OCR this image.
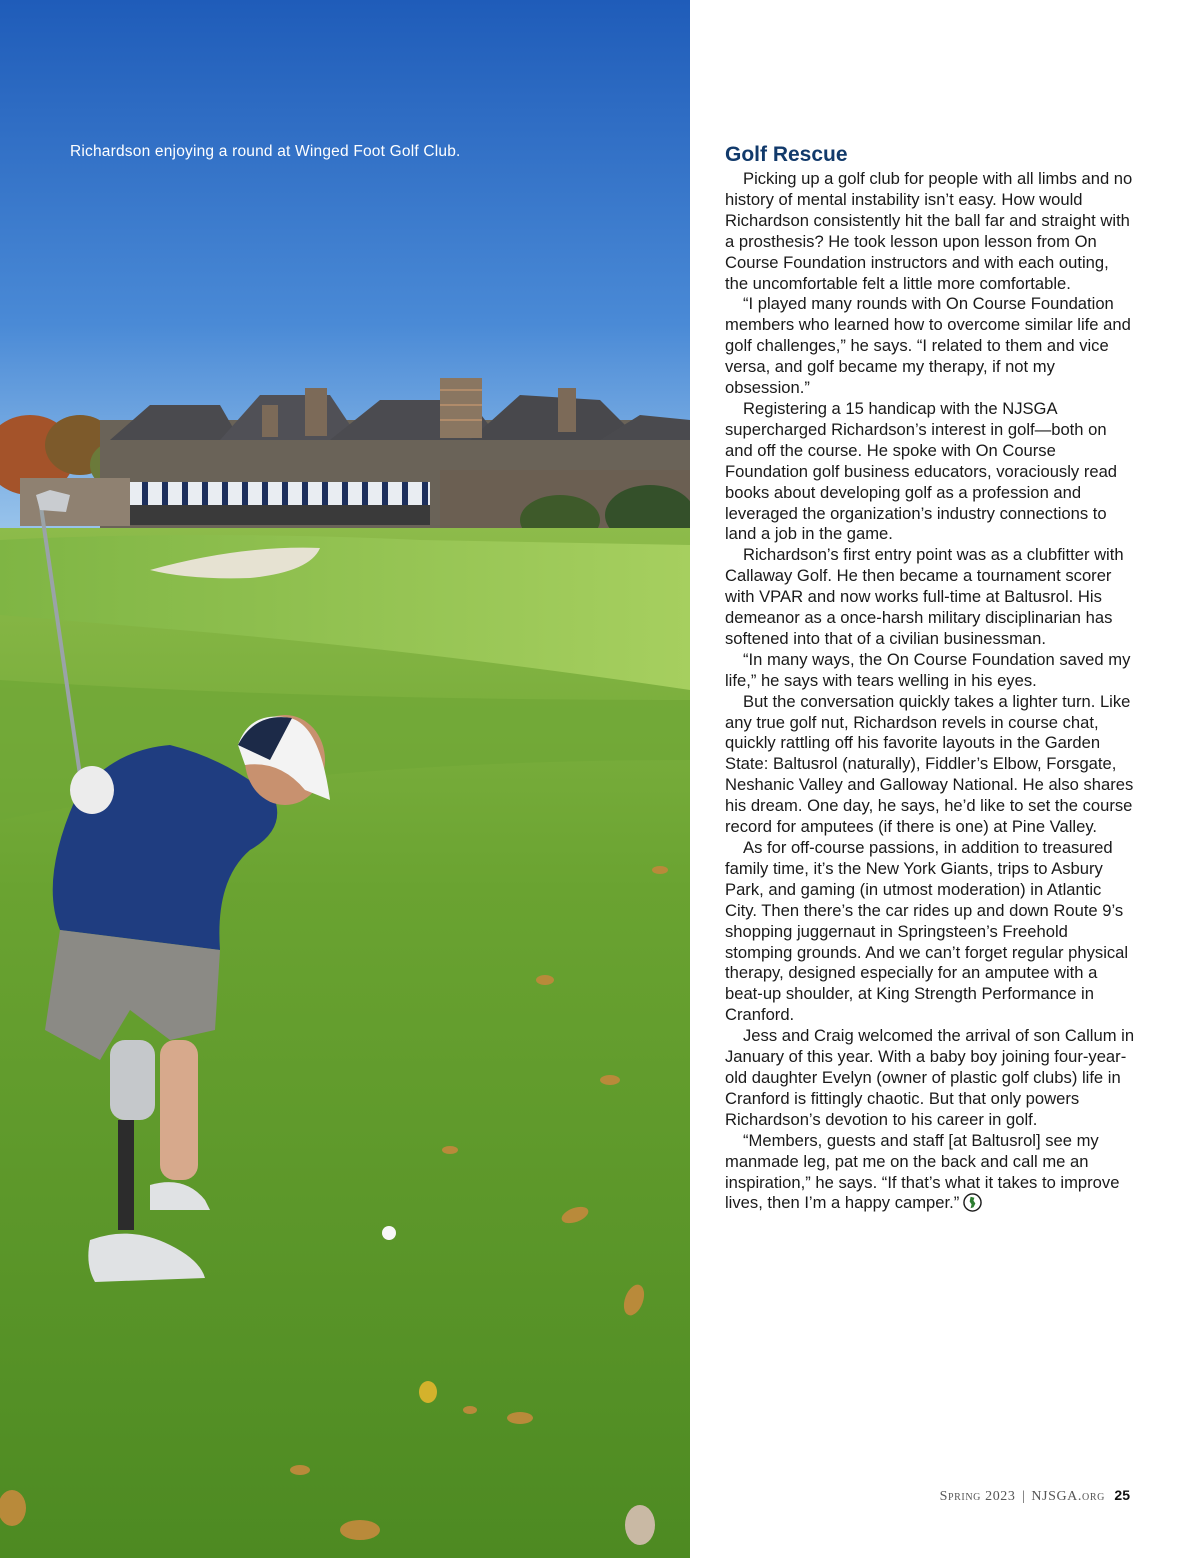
Richardson enjoying a round at Winged Foot Golf Club.	Golf Rescue

Picking up a golf club for people with all limbs and no history of mental instability isn’t easy. How would Richardson consistently hit the ball far and straight with a prosthesis? He took lesson upon lesson from On Course Foundation instructors and with each outing, the uncomfortable felt a little more comfortable.

“I played many rounds with On Course Foundation members who learned how to overcome similar life and golf challenges,” he says. “I related to them and vice versa, and golf became my therapy, if not my obsession.”

Registering a 15 handicap with the NJSGA supercharged Richardson’s interest in golf—both on and off the course. He spoke with On Course Foundation golf business educators, voraciously read books about developing golf as a profession and leveraged the organization’s industry connections to land a job in the game.

Richardson’s first entry point was as a clubfitter with Callaway Golf. He then became a tournament scorer with VPAR and now works full-time at Baltusrol. His demeanor as a once-harsh military disciplinarian has softened into that of a civilian businessman.

“In many ways, the On Course Foundation saved my life,” he says with tears welling in his eyes.

But the conversation quickly takes a lighter turn. Like any true golf nut, Richardson revels in course chat, quickly rattling off his favorite layouts in the Garden State: Baltusrol (naturally), Fiddler’s Elbow, Forsgate, Neshanic Valley and Galloway National. He also shares his dream. One day, he says, he’d like to set the course record for amputees (if there is one) at Pine Valley.

As for off-course passions, in addition to treasured family time, it’s the New York Giants, trips to Asbury Park, and gaming (in utmost moderation) in Atlantic City. Then there’s the car rides up and down Route 9’s shopping juggernaut in Springsteen’s Freehold stomping grounds. And we can’t forget regular physical therapy, designed especially for an amputee with a beat-up shoulder, at King Strength Performance in Cranford.

Jess and Craig welcomed the arrival of son Callum in January of this year. With a baby boy joining four-year-old daughter Evelyn (owner of plastic golf clubs) life in Cranford is fittingly chaotic. But that only powers Richardson’s devotion to his career in golf.

“Members, guests and staff [at Baltusrol] see my manmade leg, pat me on the back and call me an inspiration,” he says. “If that’s what it takes to improve lives, then I’m a happy camper.”

Spring 2023 | NJSGA.org 25
